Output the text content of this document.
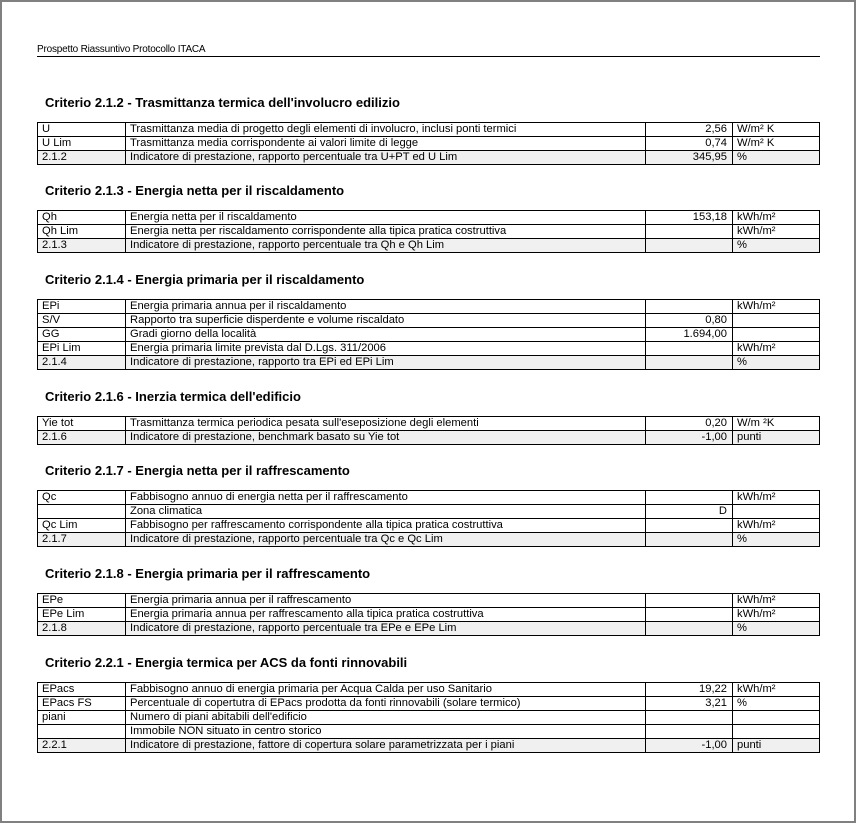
Prospetto Riassuntivo Protocollo ITACA
Criterio 2.1.2 - Trasmittanza termica dell'involucro edilizio
U	Trasmittanza media di progetto degli elementi di involucro, inclusi ponti termici	2,56	W/m² K
U Lim	Trasmittanza media corrispondente ai valori limite di legge	0,74	W/m² K
2.1.2	Indicatore di prestazione, rapporto percentuale tra U+PT ed U Lim	345,95	%
Criterio 2.1.3 - Energia netta per il riscaldamento
Qh	Energia netta per il riscaldamento	153,18	kWh/m²
Qh Lim	Energia netta per riscaldamento corrispondente alla tipica pratica costruttiva		kWh/m²
2.1.3	Indicatore di prestazione, rapporto percentuale tra Qh e Qh Lim		%
Criterio 2.1.4 - Energia primaria per il riscaldamento
EPi	Energia primaria annua per il riscaldamento		kWh/m²
S/V	Rapporto tra superficie disperdente e volume riscaldato	0,80	
GG	Gradi giorno della località	1.694,00	
EPi Lim	Energia primaria limite prevista dal D.Lgs. 311/2006		kWh/m²
2.1.4	Indicatore di prestazione, rapporto tra EPi ed EPi Lim		%
Criterio 2.1.6 - Inerzia termica dell'edificio
Yie tot	Trasmittanza termica periodica pesata sull'eseposizione degli elementi	0,20	W/m ²K
2.1.6	Indicatore di prestazione, benchmark basato su Yie tot	-1,00	punti
Criterio 2.1.7 - Energia netta per il raffrescamento
Qc	Fabbisogno annuo di energia netta per il raffrescamento		kWh/m²
	Zona climatica	D	
Qc Lim	Fabbisogno per raffrescamento corrispondente alla tipica pratica costruttiva		kWh/m²
2.1.7	Indicatore di prestazione, rapporto percentuale tra Qc e Qc Lim		%
Criterio 2.1.8 - Energia primaria per il raffrescamento
EPe	Energia primaria annua per il raffrescamento		kWh/m²
EPe Lim	Energia primaria annua per raffrescamento alla tipica pratica costruttiva		kWh/m²
2.1.8	Indicatore di prestazione, rapporto percentuale tra EPe e EPe Lim		%
Criterio 2.2.1 - Energia termica per ACS da fonti rinnovabili
EPacs	Fabbisogno annuo di energia primaria per Acqua Calda per uso Sanitario	19,22	kWh/m²
EPacs FS	Percentuale di copertutra di EPacs prodotta da fonti rinnovabili (solare termico)	3,21	%
piani	Numero di piani abitabili dell'edificio		
	Immobile NON situato in centro storico		
2.2.1	Indicatore di prestazione, fattore di copertura solare parametrizzata per i piani	-1,00	punti
